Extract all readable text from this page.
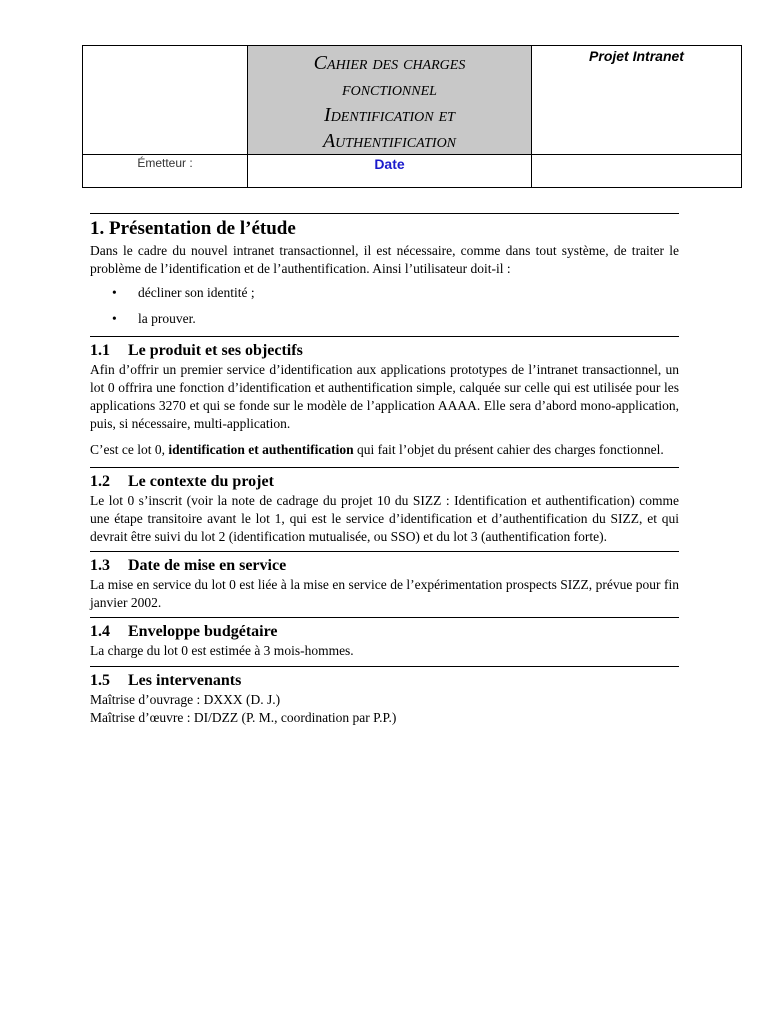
	Cahier des charges
fonctionnel
Identification et
Authentification	Projet Intranet

Émetteur :	Date	

1. Présentation de l’étude

Dans le cadre du nouvel intranet transactionnel, il est nécessaire, comme dans tout système, de traiter le problème de l’identification et de l’authentification. Ainsi l’utilisateur doit-il :

• décliner son identité ;
• la prouver.
1.1 Le produit et ses objectifs

Afin d’offrir un premier service d’identification aux applications prototypes de l’intranet transactionnel, un lot 0 offrira une fonction d’identification et authentification simple, calquée sur celle qui est utilisée pour les applications 3270 et qui se fonde sur le modèle de l’application AAAA. Elle sera d’abord mono-application, puis, si nécessaire, multi-application.

C’est ce lot 0, identification et authentification qui fait l’objet du présent cahier des charges fonctionnel.

1.2 Le contexte du projet

Le lot 0 s’inscrit (voir la note de cadrage du projet 10 du SIZZ : Identification et authentification) comme une étape transitoire avant le lot 1, qui est le service d’identification et d’authentification du SIZZ, et qui devrait être suivi du lot 2 (identification mutualisée, ou SSO) et du lot 3 (authentification forte).

1.3 Date de mise en service

La mise en service du lot 0 est liée à la mise en service de l’expérimentation prospects SIZZ, prévue pour fin janvier 2002.

1.4 Enveloppe budgétaire

La charge du lot 0 est estimée à 3 mois-hommes.

1.5 Les intervenants

Maîtrise d’ouvrage : DXXX (D. J.)

Maîtrise d’œuvre : DI/DZZ (P. M., coordination par P.P.)
